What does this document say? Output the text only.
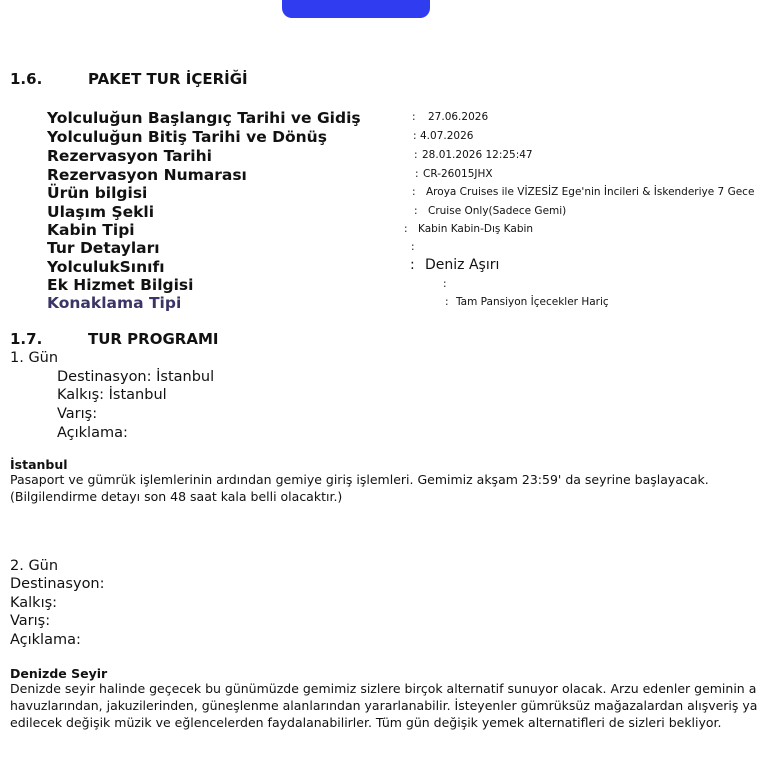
1.6.	PAKET TUR İÇERİĞİ
Yolculuğun Başlangıç Tarihi ve Gidiş	: 27.06.2026
Yolculuğun Bitiş Tarihi ve Dönüş	: 4.07.2026
Rezervasyon Tarihi	: 28.01.2026 12:25:47
Rezervasyon Numarası	: CR-26015JHX
Ürün bilgisi	: Aroya Cruises ile VİZESİZ Ege'nin İncileri & İskenderiye 7 Gece
Ulaşım Şekli	: Cruise Only(Sadece Gemi)
Kabin Tipi	: Kabin Kabin-Dış Kabin
Tur Detayları	:
YolculukSınıfı	: Deniz Aşırı
Ek Hizmet Bilgisi	:
Konaklama Tipi	: Tam Pansiyon İçecekler Hariç
1.7.	TUR PROGRAMI
1. Gün
Destinasyon: İstanbul
Kalkış: İstanbul
Varış:
Açıklama:
İstanbul
Pasaport ve gümrük işlemlerinin ardından gemiye giriş işlemleri. Gemimiz akşam 23:59' da seyrine başlayacak.
(Bilgilendirme detayı son 48 saat kala belli olacaktır.)
2. Gün
Destinasyon:
Kalkış:
Varış:
Açıklama:
Denizde Seyir
Denizde seyir halinde geçecek bu günümüzde gemimiz sizlere birçok alternatif sunuyor olacak. Arzu edenler geminin a
havuzlarından, jakuzilerinden, güneşlenme alanlarından yararlanabilir. İsteyenler gümrüksüz mağazalardan alışveriş ya
edilecek değişik müzik ve eğlencelerden faydalanabilirler. Tüm gün değişik yemek alternatifleri de sizleri bekliyor.
